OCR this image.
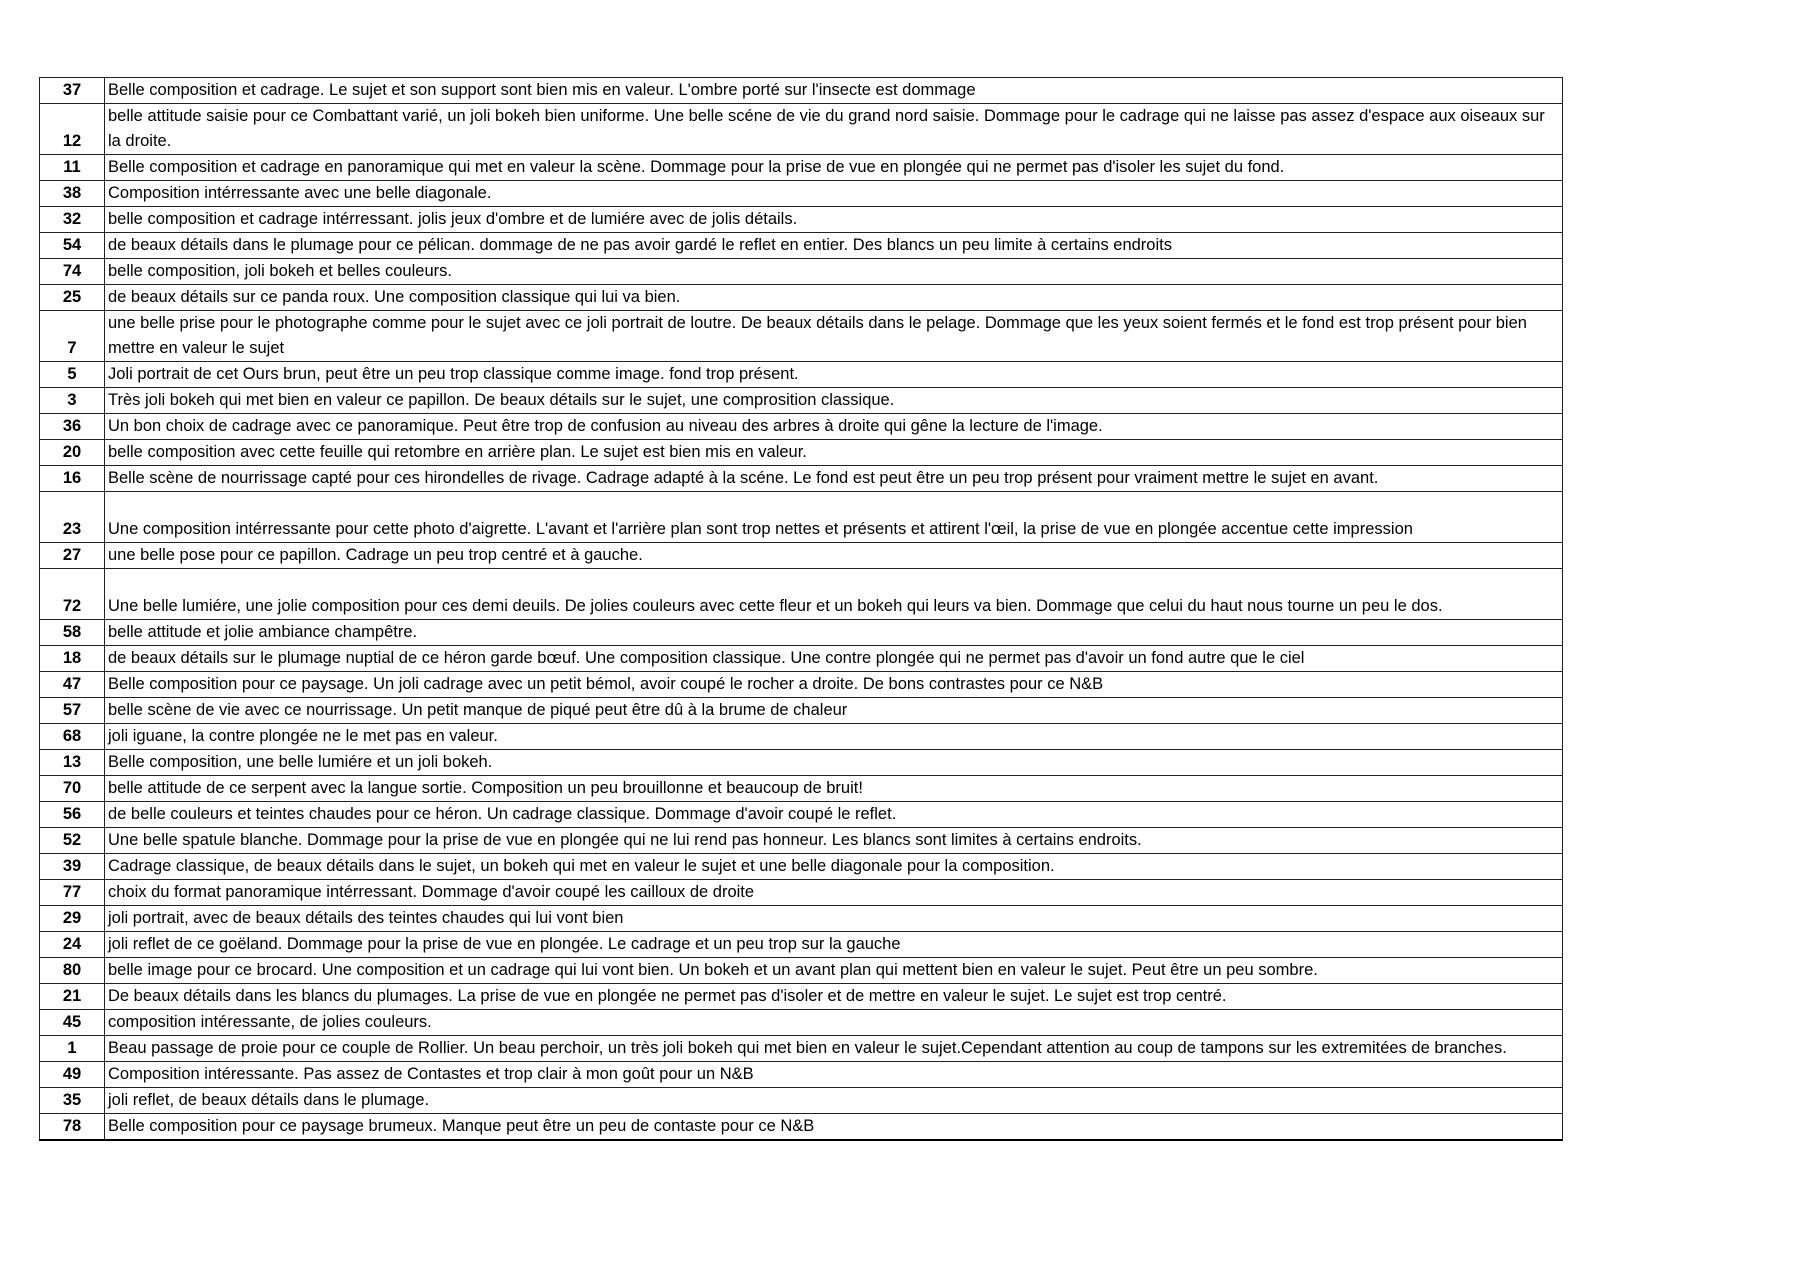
37	Belle composition et cadrage. Le sujet et son support sont bien mis en valeur. L'ombre porté sur l'insecte est dommage
12	belle attitude saisie pour ce Combattant varié, un joli bokeh bien uniforme. Une belle scéne de vie du grand nord saisie. Dommage pour le cadrage qui ne laisse pas assez d'espace aux oiseaux sur la droite.
11	Belle composition et cadrage en panoramique qui met en valeur la scène. Dommage pour la prise de vue en plongée qui ne permet pas d'isoler les sujet du fond.
38	Composition intérressante avec une belle diagonale.
32	belle composition et cadrage intérressant. jolis jeux d'ombre et de lumiére avec de jolis détails.
54	de beaux détails dans le plumage pour ce pélican. dommage de ne pas avoir gardé le reflet en entier. Des blancs un peu limite à certains endroits
74	belle composition, joli bokeh et belles couleurs.
25	de beaux détails sur ce panda roux. Une composition classique qui lui va bien.
7	une belle prise pour le photographe comme pour le sujet avec ce joli portrait de loutre. De beaux détails dans le pelage. Dommage que les yeux soient fermés et le fond est trop présent pour bien mettre en valeur le sujet
5	Joli portrait de cet Ours brun, peut être un peu trop classique comme image. fond trop présent.
3	Très joli bokeh qui met bien en valeur ce papillon. De beaux détails sur le sujet, une comprosition classique.
36	Un bon choix de cadrage avec ce panoramique. Peut être trop de confusion au niveau des arbres à droite qui gêne la lecture de l'image.
20	belle composition avec cette feuille qui retombre en arrière plan. Le sujet est bien mis en valeur.
16	Belle scène de nourrissage capté pour ces hirondelles de rivage. Cadrage adapté à la scéne. Le fond est peut être un peu trop présent pour vraiment mettre le sujet en avant.
23	Une composition intérressante pour cette photo d'aigrette. L'avant et l'arrière plan sont trop nettes et présents et attirent l'œil, la prise de vue en plongée accentue cette impression
27	une belle pose pour ce papillon. Cadrage un peu trop centré et à gauche.
72	Une belle lumiére, une jolie composition pour ces demi deuils. De jolies couleurs avec cette fleur et un bokeh qui leurs va bien. Dommage que celui du haut nous tourne un peu le dos.
58	belle attitude et jolie ambiance champêtre.
18	de beaux détails sur le plumage nuptial de ce héron garde bœuf. Une composition classique. Une contre plongée qui ne permet pas d'avoir un fond autre que le ciel
47	Belle composition pour ce paysage. Un joli cadrage avec un petit bémol, avoir coupé le rocher a droite. De bons contrastes pour ce N&B
57	belle scène de vie avec ce nourrissage. Un petit manque de piqué peut être dû à la brume de chaleur
68	joli iguane, la contre plongée ne le met pas en valeur.
13	Belle composition, une belle lumiére et un joli bokeh.
70	belle attitude de ce serpent avec la langue sortie. Composition un peu brouillonne et beaucoup de bruit!
56	de belle couleurs et teintes chaudes pour ce héron. Un cadrage classique. Dommage d'avoir coupé le reflet.
52	Une belle spatule blanche. Dommage pour la prise de vue en plongée qui ne lui rend pas honneur. Les blancs sont limites à certains endroits.
39	Cadrage classique, de beaux détails dans le sujet, un bokeh qui met en valeur le sujet et une belle diagonale pour la composition.
77	choix du format panoramique intérressant. Dommage d'avoir coupé les cailloux de droite
29	joli portrait, avec de beaux détails des teintes chaudes qui lui vont bien
24	joli reflet de ce goëland. Dommage pour la prise de vue en plongée. Le cadrage et un peu trop sur la gauche
80	belle image pour ce brocard. Une composition et un cadrage qui lui vont bien. Un bokeh et un avant plan qui mettent bien en valeur le sujet. Peut être un peu sombre.
21	De beaux détails dans les blancs du plumages. La prise de vue en plongée ne permet pas d'isoler et de mettre en valeur le sujet. Le sujet est trop centré.
45	composition intéressante, de jolies couleurs.
1	Beau passage de proie pour ce couple de Rollier. Un beau perchoir, un très joli bokeh qui met bien en valeur le sujet.Cependant attention au coup de tampons sur les extremitées de branches.
49	Composition intéressante. Pas assez de Contastes et trop clair à mon goût pour un N&B
35	joli reflet, de beaux détails dans le plumage.
78	Belle composition pour ce paysage brumeux. Manque peut être un peu de contaste pour ce N&B
